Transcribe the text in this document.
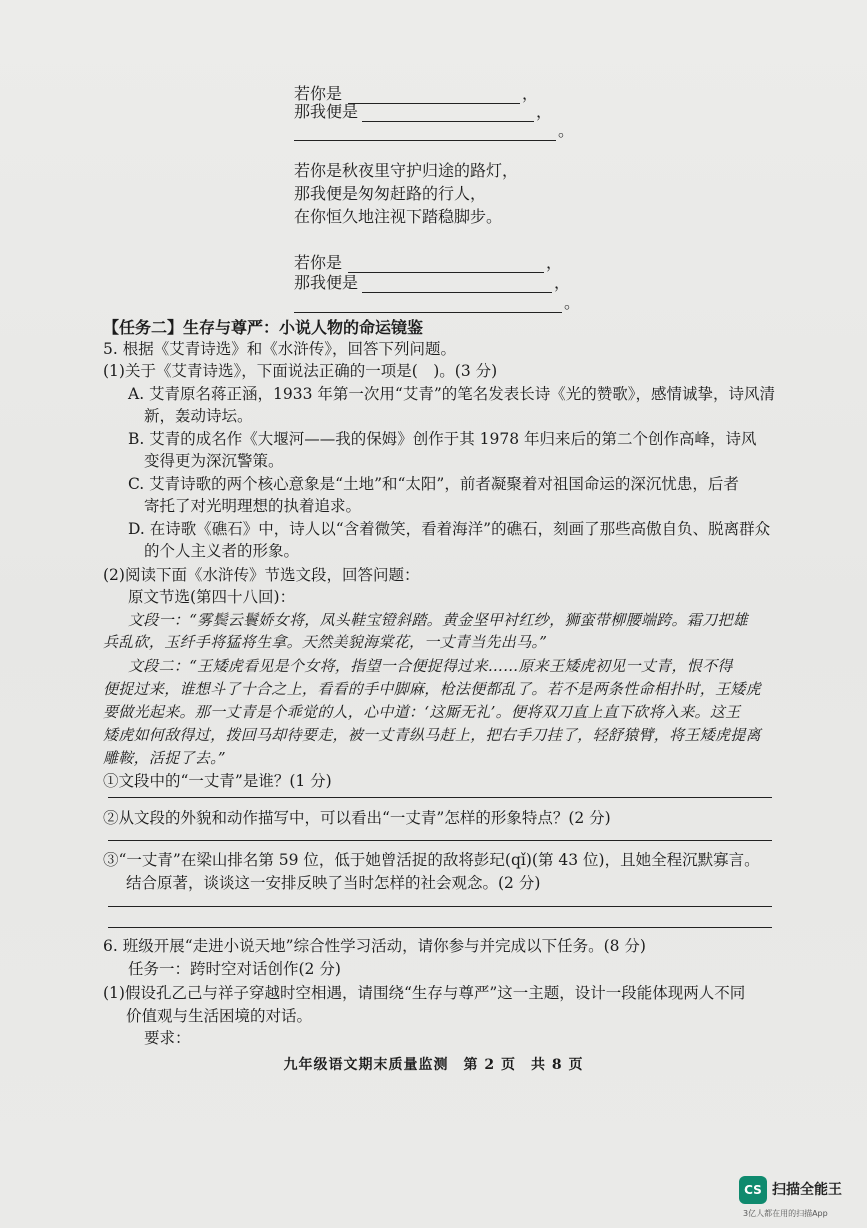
若你是	，
那我便是	，
。
若你是秋夜里守护归途的路灯，
那我便是匆匆赶路的行人，
在你恒久地注视下踏稳脚步。
若你是	，
那我便是	，
。
【任务二】生存与尊严：小说人物的命运镜鉴
5. 根据《艾青诗选》和《水浒传》，回答下列问题。
(1)关于《艾青诗选》，下面说法正确的一项是(　)。(3 分)
A. 艾青原名蒋正涵，1933 年第一次用“艾青”的笔名发表长诗《光的赞歌》，感情诚挚，诗风清
新，轰动诗坛。
B. 艾青的成名作《大堰河——我的保姆》创作于其 1978 年归来后的第二个创作高峰，诗风
变得更为深沉警策。
C. 艾青诗歌的两个核心意象是“土地”和“太阳”，前者凝聚着对祖国命运的深沉忧患，后者
寄托了对光明理想的执着追求。
D. 在诗歌《礁石》中，诗人以“含着微笑，看着海洋”的礁石，刻画了那些高傲自负、脱离群众
的个人主义者的形象。
(2)阅读下面《水浒传》节选文段，回答问题：
原文节选(第四十八回)：
文段一：“雾鬓云鬟娇女将，凤头鞋宝镫斜踏。黄金坚甲衬红纱，狮蛮带柳腰端跨。霜刀把雄
兵乱砍，玉纤手将猛将生拿。天然美貌海棠花，一丈青当先出马。”
文段二：“王矮虎看见是个女将，指望一合便捉得过来……原来王矮虎初见一丈青，恨不得
便捉过来，谁想斗了十合之上，看看的手中脚麻，枪法便都乱了。若不是两条性命相扑时，王矮虎
要做光起来。那一丈青是个乖觉的人，心中道：‘这厮无礼’。便将双刀直上直下砍将入来。这王
矮虎如何敌得过，拨回马却待要走，被一丈青纵马赶上，把右手刀挂了，轻舒猿臂，将王矮虎提离
雕鞍，活捉了去。”
①文段中的“一丈青”是谁？(1 分)
②从文段的外貌和动作描写中，可以看出“一丈青”怎样的形象特点？(2 分)
③“一丈青”在梁山排名第 59 位，低于她曾活捉的敌将彭玘(qǐ)(第 43 位)，且她全程沉默寡言。
结合原著，谈谈这一安排反映了当时怎样的社会观念。(2 分)
6. 班级开展“走进小说天地”综合性学习活动，请你参与并完成以下任务。(8 分)
任务一：跨时空对话创作(2 分)
(1)假设孔乙己与祥子穿越时空相遇，请围绕“生存与尊严”这一主题，设计一段能体现两人不同
价值观与生活困境的对话。
要求：
九年级语文期末质量监测　第 2 页　共 8 页
CS 扫描全能王
3亿人都在用的扫描App
